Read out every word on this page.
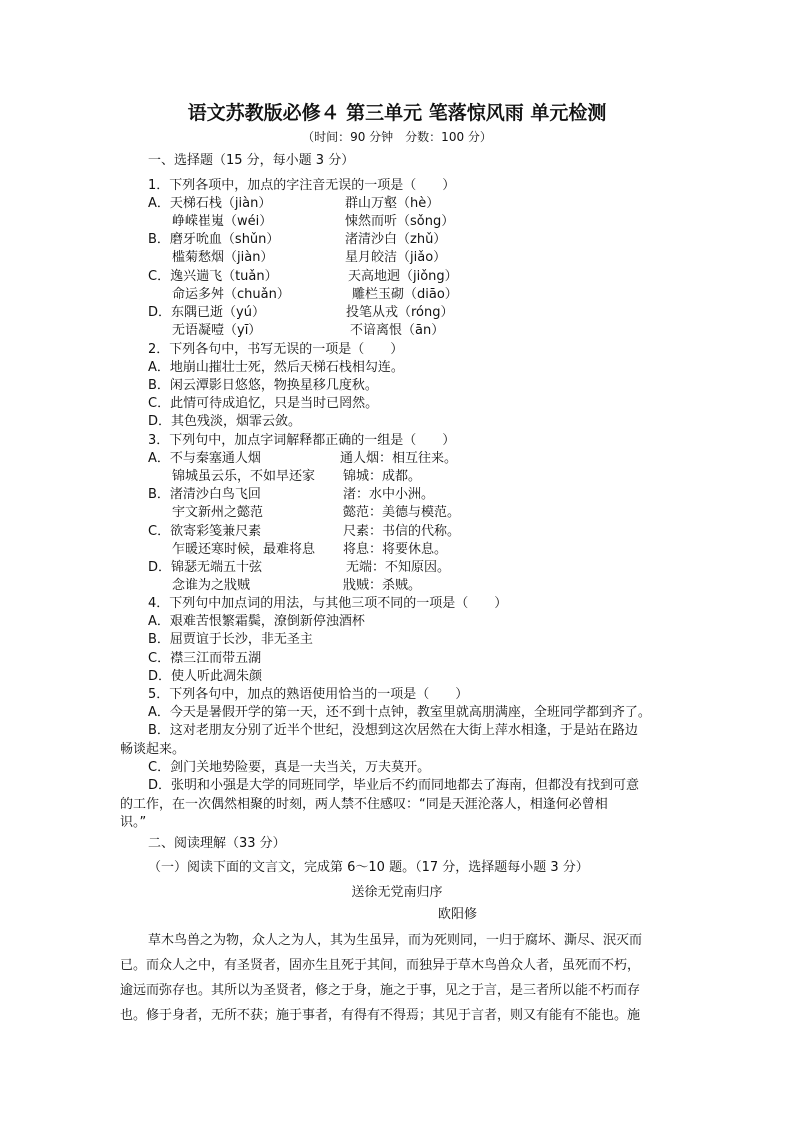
语文苏教版必修４ 第三单元 笔落惊风雨 单元检测
（时间：90 分钟　分数：100 分）
一、选择题（15 分，每小题 3 分）
1．下列各项中，加点的字注音无误的一项是（　　）
A．天梯石栈（jiàn）	群山万壑（hè）
峥嵘崔嵬（wéi）	悚然而听（sǒng）
B．磨牙吮血（shǔn）	渚清沙白（zhǔ）
槛菊愁烟（jiàn）	星月皎洁（jiǎo）
C．逸兴遄飞（tuǎn）	天高地迥（jiǒng）
命运多舛（chuǎn）	雕栏玉砌（diāo）
D．东隅已逝（yú）	投笔从戎（róng）
无语凝噎（yī）	不谙离恨（ān）
2．下列各句中，书写无误的一项是（　　）
A．地崩山摧壮士死，然后天梯石栈相勾连。
B．闲云潭影日悠悠，物换星移几度秋。
C．此情可待成追忆，只是当时已罔然。
D．其色残淡，烟霏云敛。
3．下列句中，加点字词解释都正确的一组是（　　）
A．不与秦塞通人烟	通人烟：相互往来。
锦城虽云乐，不如早还家 锦城：成都。
B．渚清沙白鸟飞回	渚：水中小洲。
宇文新州之懿范	懿范：美德与模范。
C．欲寄彩笺兼尺素	尺素：书信的代称。
乍暖还寒时候，最难将息 将息：将要休息。
D．锦瑟无端五十弦	无端：不知原因。
念谁为之戕贼	戕贼：杀贼。
4．下列句中加点词的用法，与其他三项不同的一项是（　　）
A．艰难苦恨繁霜鬓，潦倒新停浊酒杯
B．屈贾谊于长沙，非无圣主
C．襟三江而带五湖
D．使人听此凋朱颜
5．下列各句中，加点的熟语使用恰当的一项是（　　）
A．今天是暑假开学的第一天，还不到十点钟，教室里就高朋满座，全班同学都到齐了。
B．这对老朋友分别了近半个世纪，没想到这次居然在大街上萍水相逢，于是站在路边
畅谈起来。
C．剑门关地势险要，真是一夫当关，万夫莫开。
D．张明和小强是大学的同班同学，毕业后不约而同地都去了海南，但都没有找到可意
的工作，在一次偶然相聚的时刻，两人禁不住感叹：“同是天涯沦落人，相逢何必曾相
识。”
二、阅读理解（33 分）
（一）阅读下面的文言文，完成第 6～10 题。（17 分，选择题每小题 3 分）
送徐无党南归序
欧阳修
草木鸟兽之为物，众人之为人，其为生虽异，而为死则同，一归于腐坏、澌尽、泯灭而
已。而众人之中，有圣贤者，固亦生且死于其间，而独异于草木鸟兽众人者，虽死而不朽，
逾远而弥存也。其所以为圣贤者，修之于身，施之于事，见之于言，是三者所以能不朽而存
也。修于身者，无所不获；施于事者，有得有不得焉；其见于言者，则又有能有不能也。施
